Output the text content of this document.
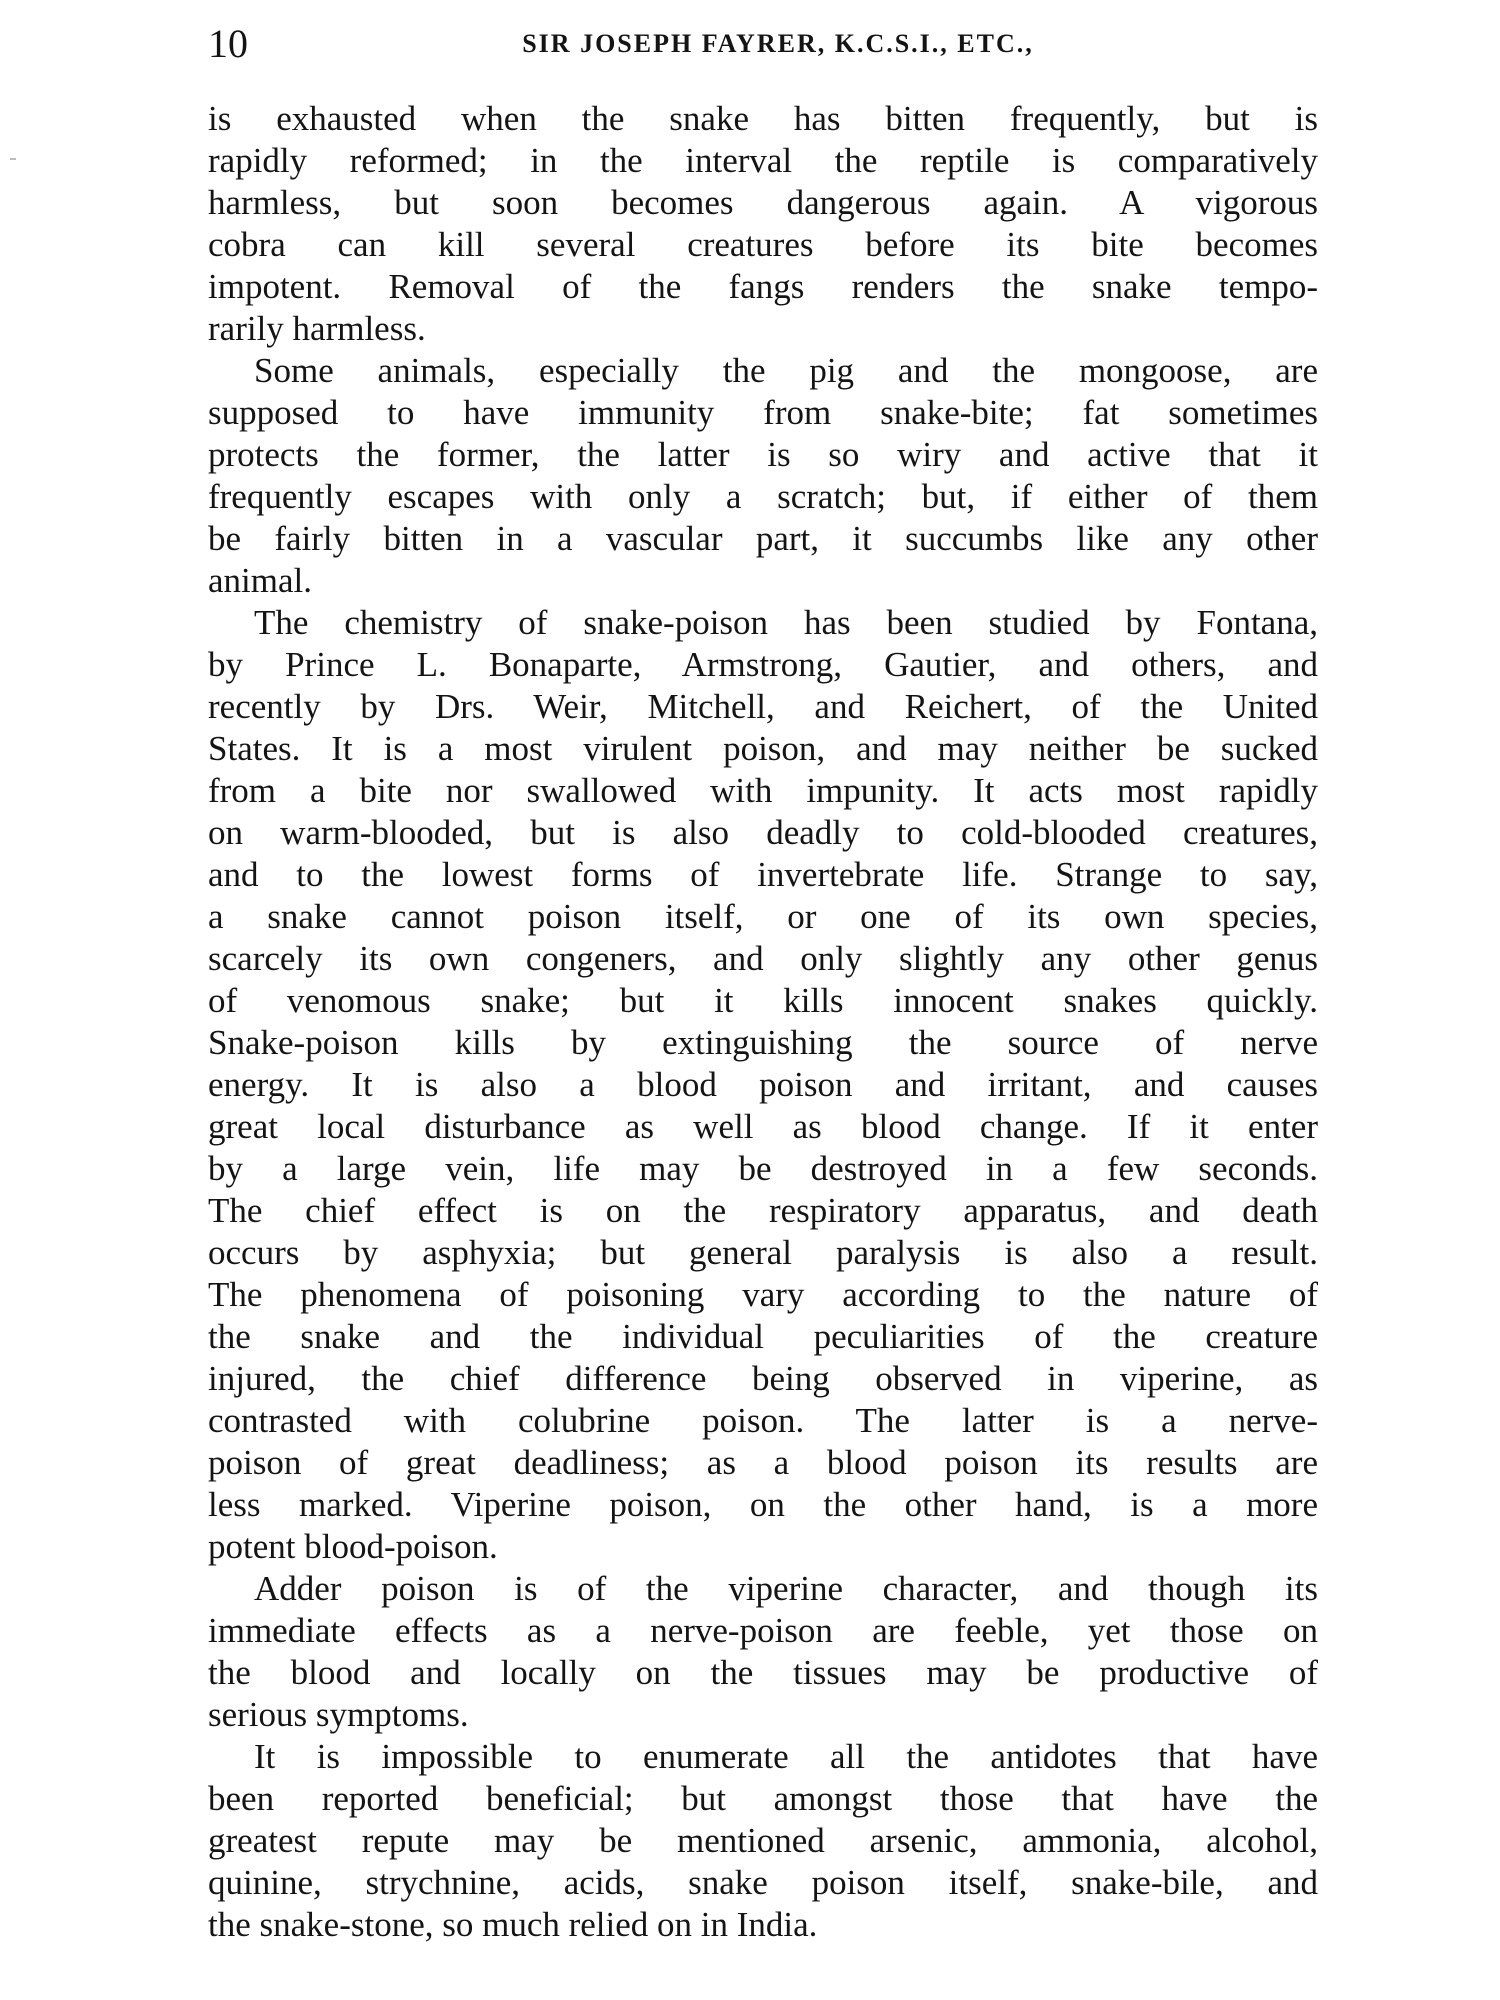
10	SIR JOSEPH FAYRER, K.C.S.I., ETC.,

is exhausted when the snake has bitten frequently, but is
rapidly reformed; in the interval the reptile is comparatively
harmless, but soon becomes dangerous again. A vigorous
cobra can kill several creatures before its bite becomes
impotent. Removal of the fangs renders the snake tempo-
rarily harmless.

Some animals, especially the pig and the mongoose, are
supposed to have immunity from snake-bite; fat sometimes
protects the former, the latter is so wiry and active that it
frequently escapes with only a scratch; but, if either of them
be fairly bitten in a vascular part, it succumbs like any other
animal.

The chemistry of snake-poison has been studied by Fontana,
by Prince L. Bonaparte, Armstrong, Gautier, and others, and
recently by Drs. Weir, Mitchell, and Reichert, of the United
States. It is a most virulent poison, and may neither be sucked
from a bite nor swallowed with impunity. It acts most rapidly
on warm-blooded, but is also deadly to cold-blooded creatures,
and to the lowest forms of invertebrate life. Strange to say,
a snake cannot poison itself, or one of its own species,
scarcely its own congeners, and only slightly any other genus
of venomous snake; but it kills innocent snakes quickly.
Snake-poison kills by extinguishing the source of nerve
energy. It is also a blood poison and irritant, and causes
great local disturbance as well as blood change. If it enter
by a large vein, life may be destroyed in a few seconds.
The chief effect is on the respiratory apparatus, and death
occurs by asphyxia; but general paralysis is also a result.
The phenomena of poisoning vary according to the nature of
the snake and the individual peculiarities of the creature
injured, the chief difference being observed in viperine, as
contrasted with colubrine poison. The latter is a nerve-
poison of great deadliness; as a blood poison its results are
less marked. Viperine poison, on the other hand, is a more
potent blood-poison.

Adder poison is of the viperine character, and though its
immediate effects as a nerve-poison are feeble, yet those on
the blood and locally on the tissues may be productive of
serious symptoms.

It is impossible to enumerate all the antidotes that have
been reported beneficial; but amongst those that have the
greatest repute may be mentioned arsenic, ammonia, alcohol,
quinine, strychnine, acids, snake poison itself, snake-bile, and
the snake-stone, so much relied on in India.
